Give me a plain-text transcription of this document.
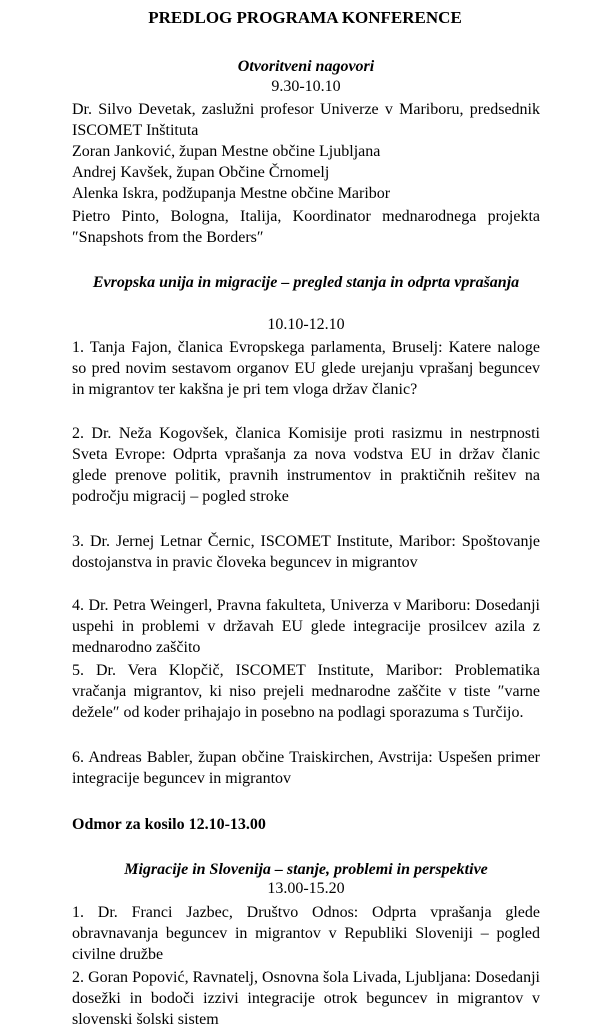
PREDLOG PROGRAMA KONFERENCE
Otvoritveni nagovori
9.30-10.10
Dr. Silvo Devetak, zaslužni profesor Univerze v Mariboru, predsednik ISCOMET Inštituta
Zoran Janković, župan Mestne občine Ljubljana
Andrej Kavšek, župan Občine Črnomelj
Alenka Iskra, podžupanja Mestne občine Maribor
Pietro Pinto, Bologna, Italija, Koordinator mednarodnega projekta ″Snapshots from the Borders″
Evropska unija in migracije – pregled stanja in odprta vprašanja
10.10-12.10
1. Tanja Fajon, članica Evropskega parlamenta, Bruselj: Katere naloge so pred novim sestavom organov EU glede urejanju vprašanj beguncev in migrantov ter kakšna je pri tem vloga držav članic?
2. Dr. Neža Kogovšek, članica Komisije proti rasizmu in nestrpnosti Sveta Evrope: Odprta vprašanja za nova vodstva EU in držav članic glede prenove politik, pravnih instrumentov in praktičnih rešitev na področju migracij – pogled stroke
3. Dr. Jernej Letnar Černic, ISCOMET Institute, Maribor: Spoštovanje dostojanstva in pravic človeka beguncev in migrantov
4. Dr. Petra Weingerl, Pravna fakulteta, Univerza v Mariboru: Dosedanji uspehi in problemi v državah EU glede integracije prosilcev azila z mednarodno zaščito
5. Dr. Vera Klopčič, ISCOMET Institute, Maribor: Problematika vračanja migrantov, ki niso prejeli mednarodne zaščite v tiste ″varne dežele″ od koder prihajajo in posebno na podlagi sporazuma s Turčijo.
6. Andreas Babler, župan občine Traiskirchen, Avstrija: Uspešen primer integracije beguncev in migrantov
Odmor za kosilo 12.10-13.00
Migracije in Slovenija – stanje, problemi in perspektive
13.00-15.20
1. Dr. Franci Jazbec, Društvo Odnos: Odprta vprašanja glede obravnavanja beguncev in migrantov v Republiki Sloveniji – pogled civilne družbe
2. Goran Popović, Ravnatelj, Osnovna šola Livada, Ljubljana: Dosedanji dosežki in bodoči izzivi integracije otrok beguncev in migrantov v slovenski šolski sistem
